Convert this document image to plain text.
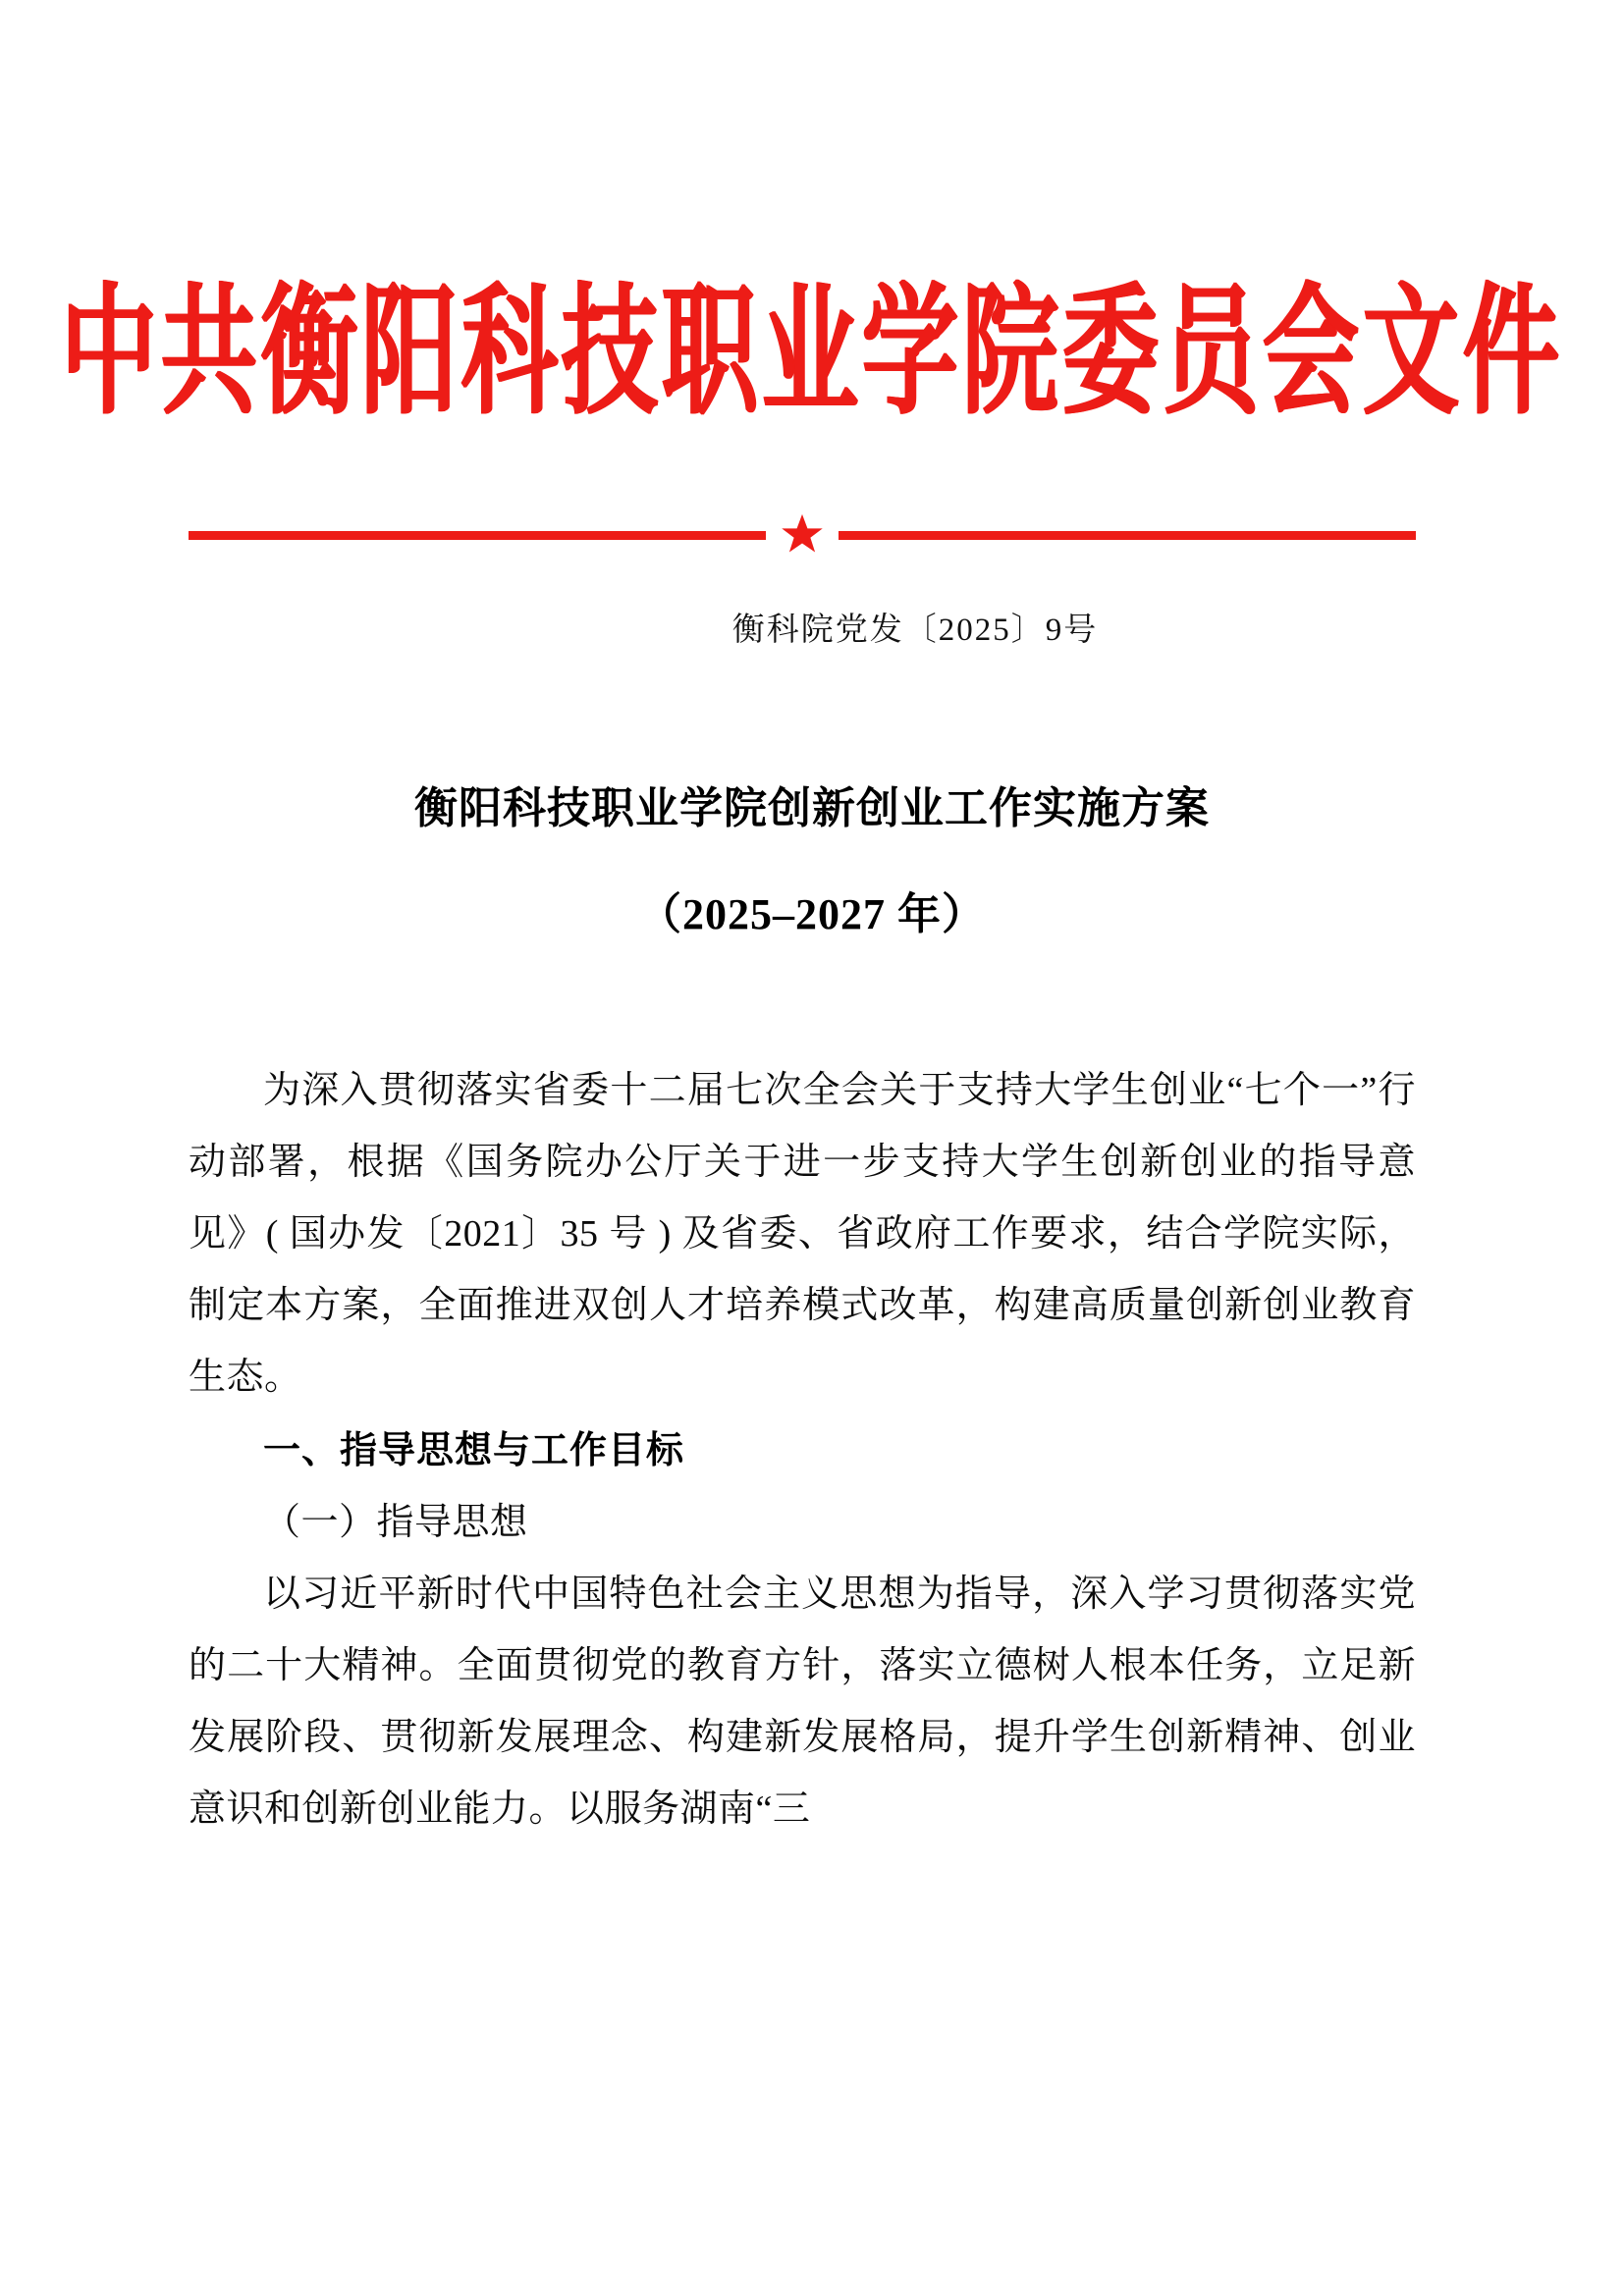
中共衡阳科技职业学院委员会文件
衡科院党发〔2025〕9号
衡阳科技职业学院创新创业工作实施方案
（2025–2027 年）

为深入贯彻落实省委十二届七次全会关于支持大学生创业“七个一”行动部署，根据《国务院办公厅关于进一步支持大学生创新创业的指导意见》( 国办发〔2021〕35 号 ) 及省委、省政府工作要求，结合学院实际，制定本方案，全面推进双创人才培养模式改革，构建高质量创新创业教育生态。

一、指导思想与工作目标

（一）指导思想

以习近平新时代中国特色社会主义思想为指导，深入学习贯彻落实党的二十大精神。全面贯彻党的教育方针，落实立德树人根本任务，立足新发展阶段、贯彻新发展理念、构建新发展格局，提升学生创新精神、创业意识和创新创业能力。以服务湖南“三
